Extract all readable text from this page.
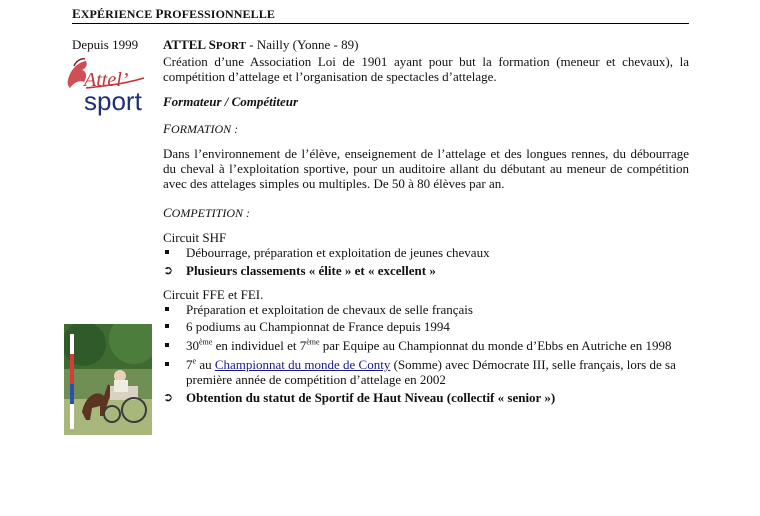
EXPÉRIENCE PROFESSIONNELLE
Depuis 1999
Attel’
sport

ATTEL SPORT - Nailly (Yonne - 89)

Création d’une Association Loi de 1901 ayant pour but la formation (meneur et chevaux), la compétition d’attelage et l’organisation de spectacles d’attelage.

Formateur / Compétiteur

FORMATION :

Dans l’environnement de l’élève, enseignement de l’attelage et des longues rennes, du débourrage du cheval à l’exploitation sportive, pour un auditoire allant du débutant au meneur de compétition avec des attelages simples ou multiples. De 50 à 80 élèves par an.

COMPETITION :

Circuit SHF

Débourrage, préparation et exploitation de jeunes chevaux
➲ Plusieurs classements « élite » et « excellent »

Circuit FFE et FEI.

Préparation et exploitation de chevaux de selle français
6 podiums au Championnat de France depuis 1994
30ème en individuel et 7ème par Equipe au Championnat du monde d’Ebbs en Autriche en 1998
7e au Championnat du monde de Conty (Somme) avec Démocrate III, selle français, lors de sa première année de compétition d’attelage en 2002
➲ Obtention du statut de Sportif de Haut Niveau (collectif « senior »)
